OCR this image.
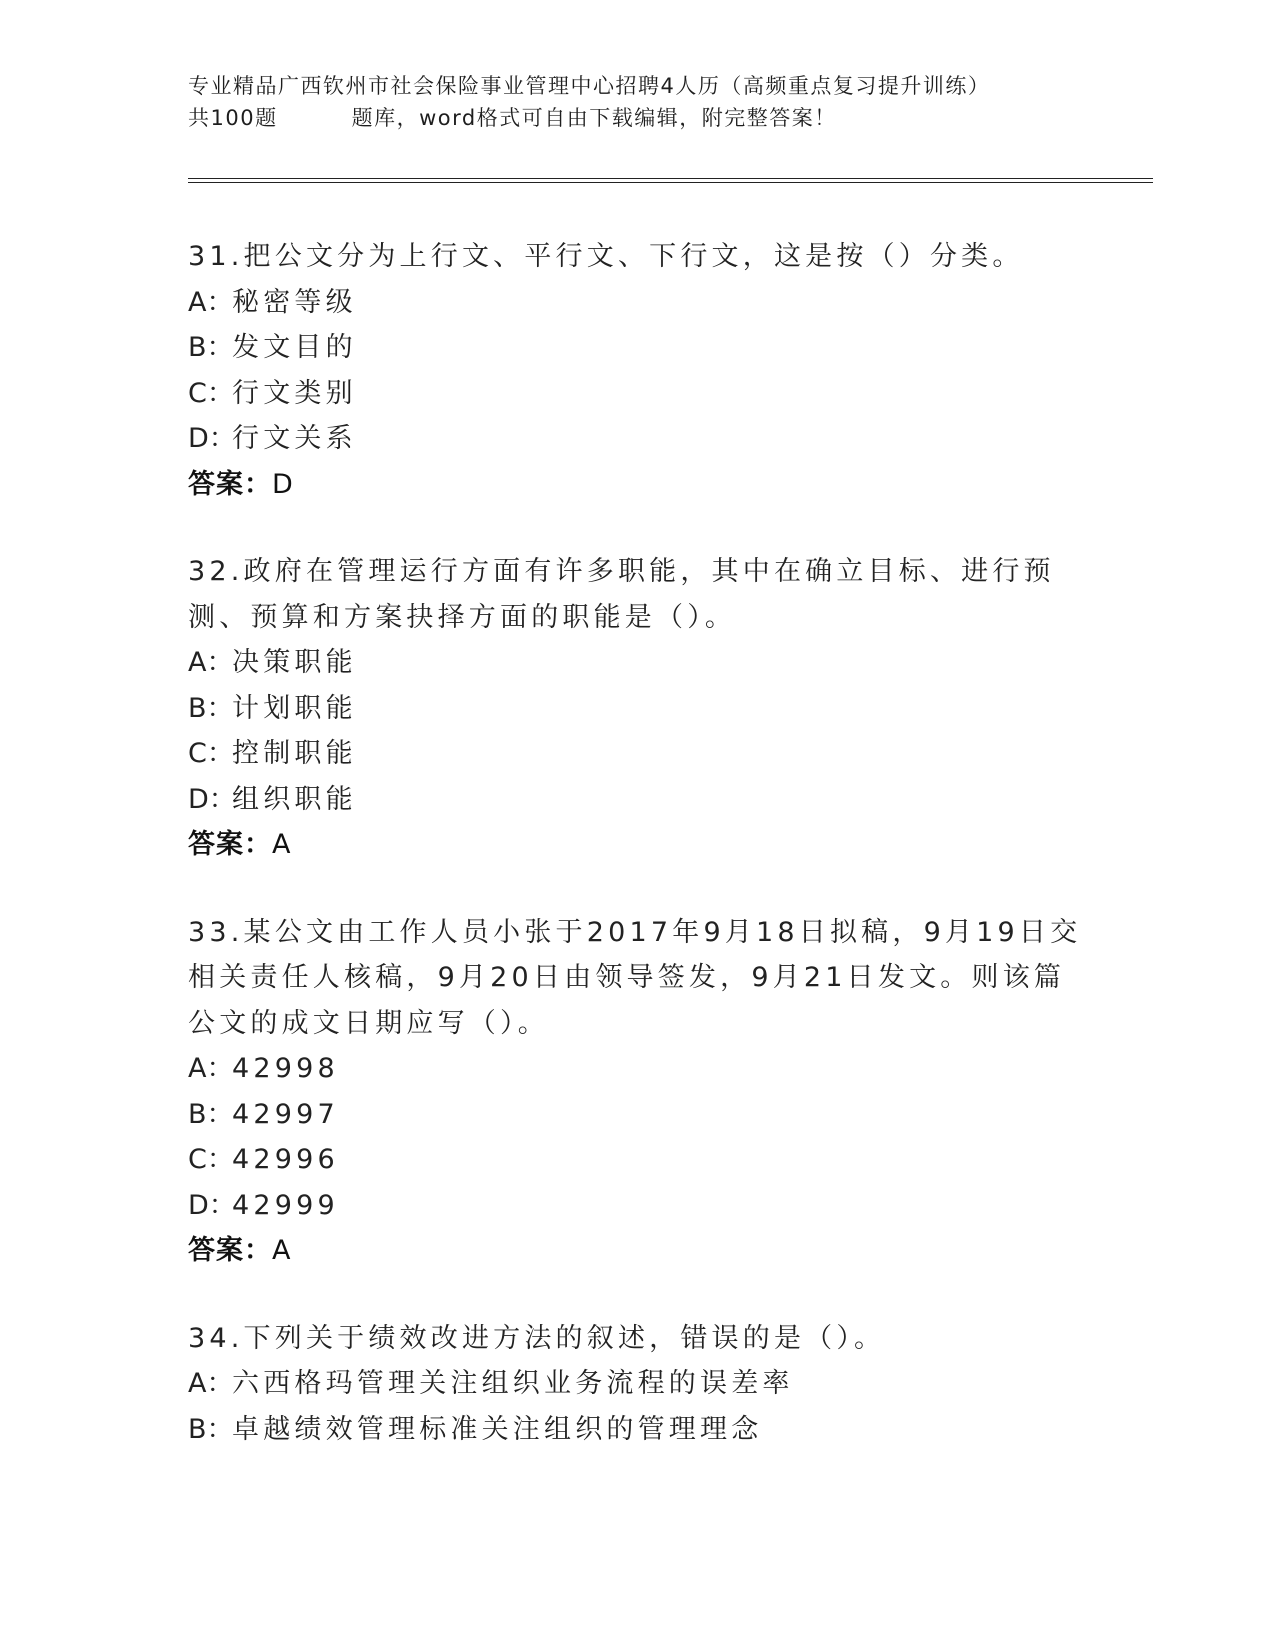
专业精品广西钦州市社会保险事业管理中心招聘4人历（高频重点复习提升训练）
共100题	题库，word格式可自由下载编辑，附完整答案！
31.把公文分为上行文、平行文、下行文，这是按（）分类。
A：秘密等级
B：发文目的
C：行文类别
D：行文关系
答案：D
32.政府在管理运行方面有许多职能，其中在确立目标、进行预测、预算和方案抉择方面的职能是（）。
A：决策职能
B：计划职能
C：控制职能
D：组织职能
答案：A
33.某公文由工作人员小张于2017年9月18日拟稿，9月19日交相关责任人核稿，9月20日由领导签发，9月21日发文。则该篇公文的成文日期应写（）。
A：42998
B：42997
C：42996
D：42999
答案：A
34.下列关于绩效改进方法的叙述，错误的是（）。
A：六西格玛管理关注组织业务流程的误差率
B：卓越绩效管理标准关注组织的管理理念
